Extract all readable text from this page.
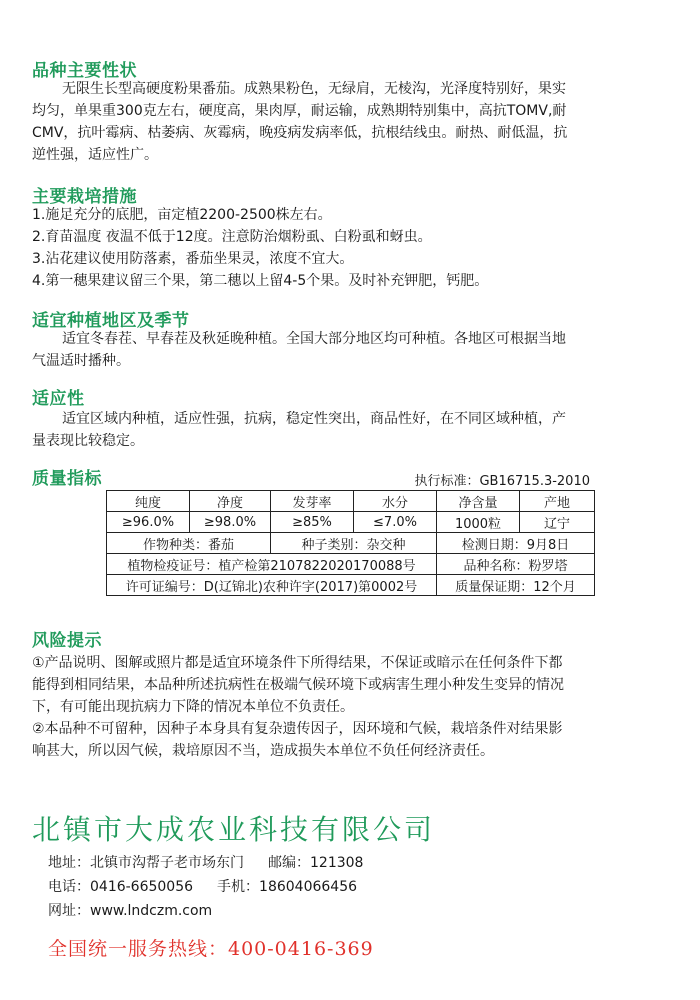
品种主要性状
无限生长型高硬度粉果番茄。成熟果粉色，无绿肩，无棱沟，光泽度特别好，果实
均匀，单果重300克左右，硬度高，果肉厚，耐运输，成熟期特别集中，高抗TOMV,耐
CMV，抗叶霉病、枯萎病、灰霉病，晚疫病发病率低，抗根结线虫。耐热、耐低温，抗
逆性强，适应性广。
主要栽培措施
1.施足充分的底肥，亩定植2200-2500株左右。
2.育苗温度 夜温不低于12度。注意防治烟粉虱、白粉虱和蚜虫。
3.沾花建议使用防落素，番茄坐果灵，浓度不宜大。
4.第一穗果建议留三个果，第二穗以上留4-5个果。及时补充钾肥，钙肥。
适宜种植地区及季节
适宜冬春茬、早春茬及秋延晚种植。全国大部分地区均可种植。各地区可根据当地
气温适时播种。
适应性
适宜区域内种植，适应性强，抗病，稳定性突出，商品性好，在不同区域种植，产
量表现比较稳定。
质量指标	执行标准：GB16715.3-2010
纯度	净度	发芽率	水分	净含量	产地
≥96.0%	≥98.0%	≥85%	≤7.0%	1000粒	辽宁
作物种类：番茄		种子类别：杂交种		检测日期：9月8日	
植物检疫证号：植产检第2107822020170088号				品种名称：粉罗塔	
许可证编号：D(辽锦北)农种许字(2017)第0002号				质量保证期：12个月	
风险提示
①产品说明、图解或照片都是适宜环境条件下所得结果，不保证或暗示在任何条件下都
能得到相同结果，本品种所述抗病性在极端气候环境下或病害生理小种发生变异的情况
下，有可能出现抗病力下降的情况本单位不负责任。
②本品种不可留种，因种子本身具有复杂遗传因子，因环境和气候，栽培条件对结果影
响甚大，所以因气候，栽培原因不当，造成损失本单位不负任何经济责任。
北镇市大成农业科技有限公司
地址：北镇市沟帮子老市场东门 邮编：121308
电话：0416-6650056 手机：18604066456
网址：www.lndczm.com
全国统一服务热线：400-0416-369
